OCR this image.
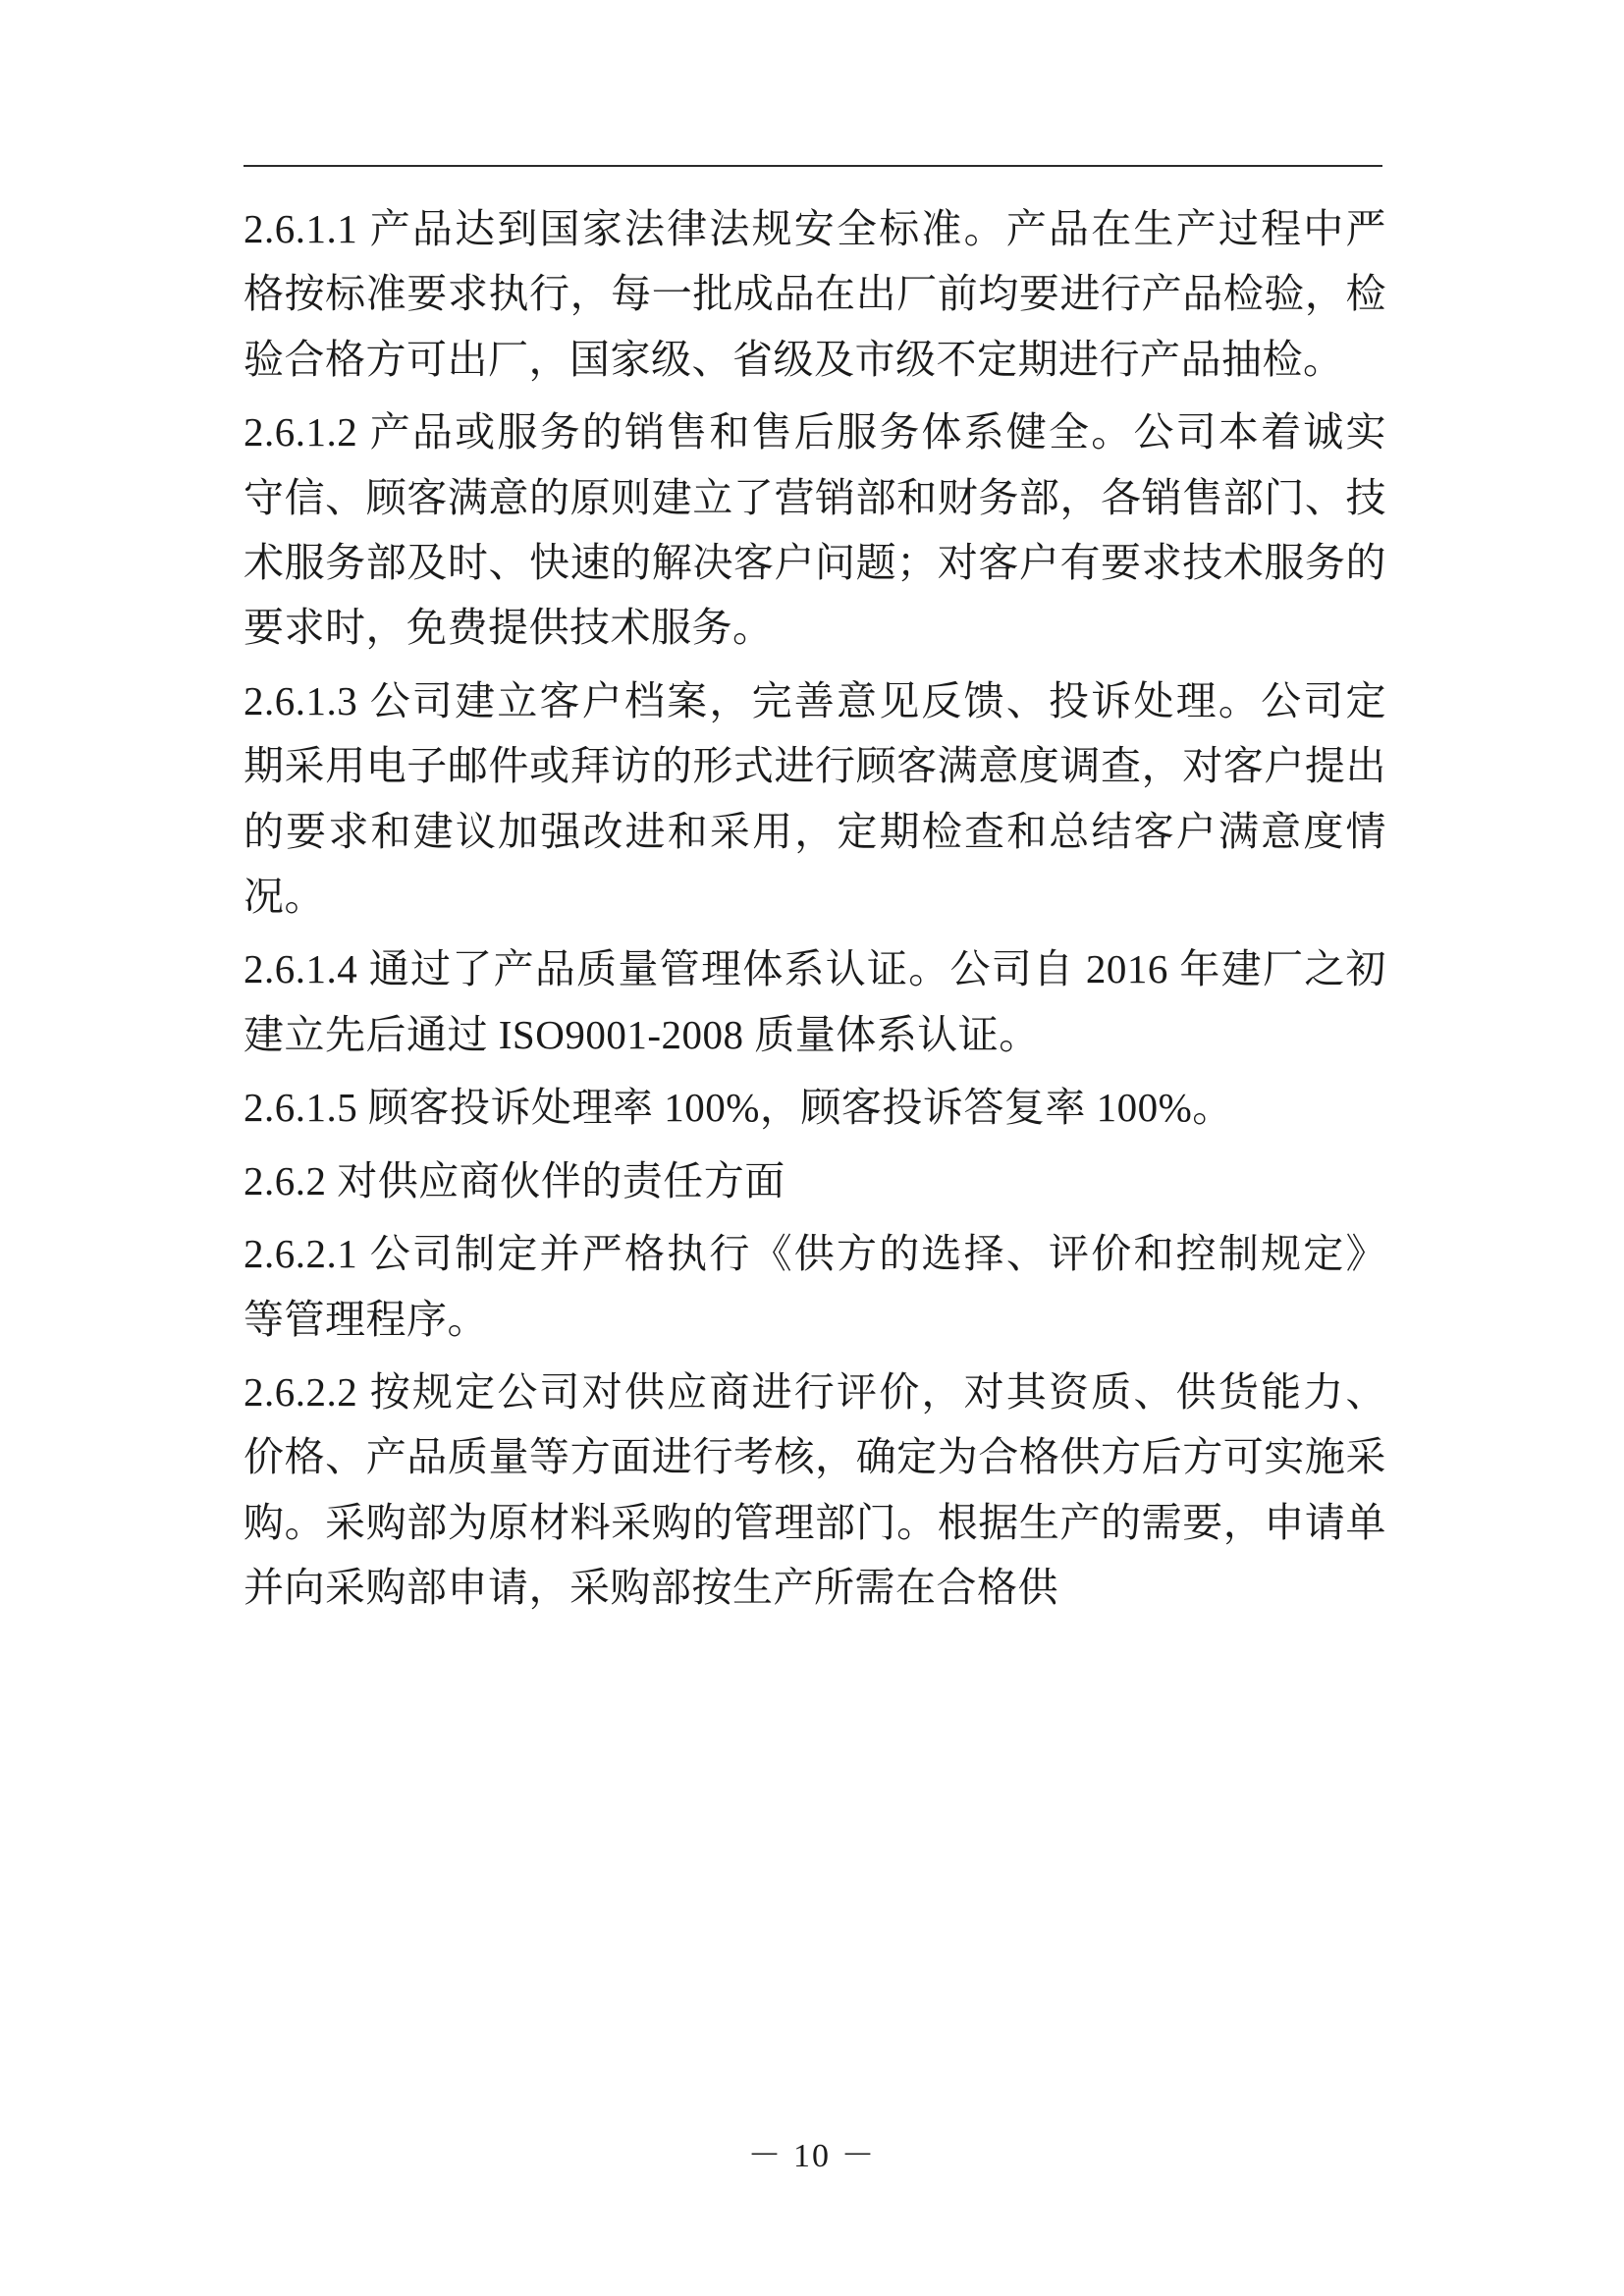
2.6.1.1 产品达到国家法律法规安全标准。产品在生产过程中严格按标准要求执行，每一批成品在出厂前均要进行产品检验，检验合格方可出厂，国家级、省级及市级不定期进行产品抽检。

2.6.1.2 产品或服务的销售和售后服务体系健全。公司本着诚实守信、顾客满意的原则建立了营销部和财务部，各销售部门、技术服务部及时、快速的解决客户问题；对客户有要求技术服务的要求时，免费提供技术服务。

2.6.1.3 公司建立客户档案，完善意见反馈、投诉处理。公司定期采用电子邮件或拜访的形式进行顾客满意度调查，对客户提出的要求和建议加强改进和采用，定期检查和总结客户满意度情况。

2.6.1.4 通过了产品质量管理体系认证。公司自 2016 年建厂之初建立先后通过 ISO9001-2008 质量体系认证。

2.6.1.5 顾客投诉处理率 100%，顾客投诉答复率 100%。

2.6.2 对供应商伙伴的责任方面

2.6.2.1 公司制定并严格执行《供方的选择、评价和控制规定》等管理程序。

2.6.2.2 按规定公司对供应商进行评价，对其资质、供货能力、价格、产品质量等方面进行考核，确定为合格供方后方可实施采购。采购部为原材料采购的管理部门。根据生产的需要，申请单并向采购部申请，采购部按生产所需在合格供

－ 10 －
